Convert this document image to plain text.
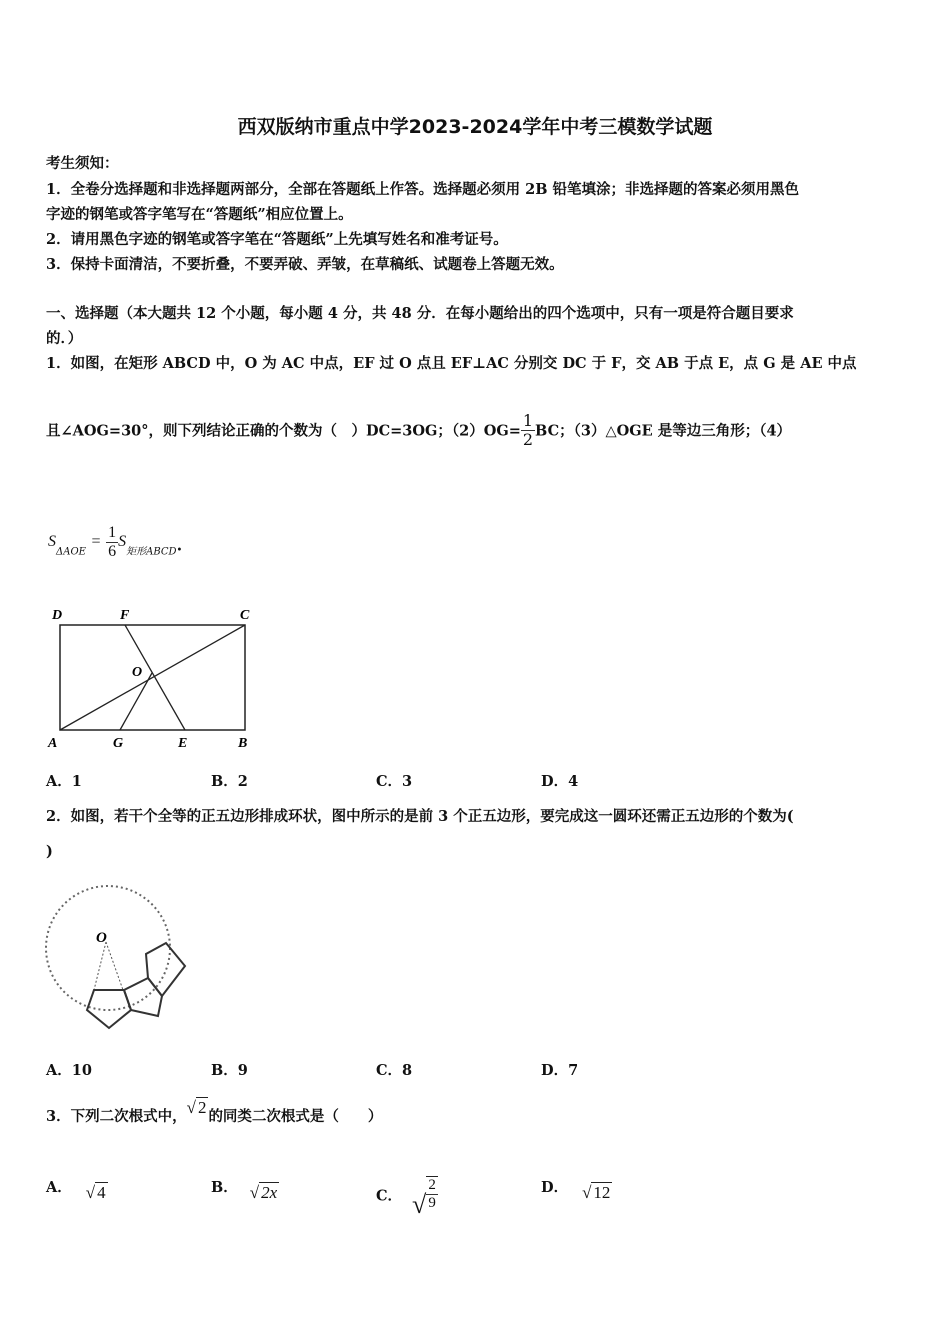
西双版纳市重点中学2023-2024学年中考三模数学试题
考生须知：
1．全卷分选择题和非选择题两部分，全部在答题纸上作答。选择题必须用 2B 铅笔填涂；非选择题的答案必须用黑色
字迹的钢笔或答字笔写在“答题纸”相应位置上。
2．请用黑色字迹的钢笔或答字笔在“答题纸”上先填写姓名和准考证号。
3．保持卡面清洁，不要折叠，不要弄破、弄皱，在草稿纸、试题卷上答题无效。
一、选择题（本大题共 12 个小题，每小题 4 分，共 48 分．在每小题给出的四个选项中，只有一项是符合题目要求
的．）
1．如图，在矩形 ABCD 中，O 为 AC 中点，EF 过 O 点且 EF⊥AC 分别交 DC 于 F，交 AB 于点 E，点 G 是 AE 中点
且∠AOG=30°，则下列结论正确的个数为（　）DC=3OG；$(2)OG= \frac{1}{2}$ BC；（3）△OGE 是等边三角形；（4）
$S_{\Delta AOE} = \frac{1}{6} S_{矩形ABCD}$.
D	F	C
O
A	G	E	B
A．1	B．2	C．3	D．4
2．如图，若干个全等的正五边形排成环状，图中所示的是前 3 个正五边形，要完成这一圆环还需正五边形的个数为(
)
O
A．10	B．9	C．8	D．7
3．下列二次根式中，√ 2 的同类二次根式是（　　）
A． √ 4	B． √ 2x	C． √ $\frac{2}{9}$	D． √ 12
